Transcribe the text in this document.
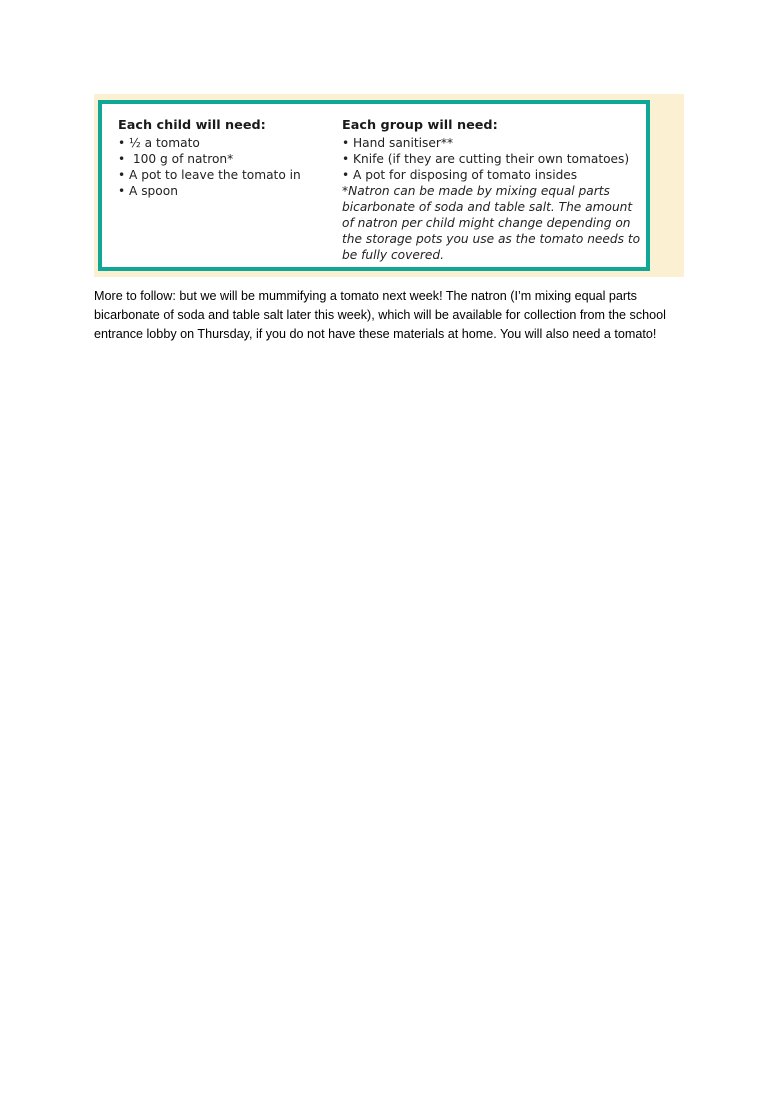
Each child will need:
• ½ a tomato
• 100 g of natron*
• A pot to leave the tomato in
• A spoon
Each group will need:
• Hand sanitiser**
• Knife (if they are cutting their own tomatoes)
• A pot for disposing of tomato insides
*Natron can be made by mixing equal parts bicarbonate of soda and table salt. The amount of natron per child might change depending on the storage pots you use as the tomato needs to be fully covered.
More to follow: but we will be mummifying a tomato next week! The natron (I’m mixing equal parts bicarbonate of soda and table salt later this week), which will be available for collection from the school entrance lobby on Thursday, if you do not have these materials at home. You will also need a tomato!
